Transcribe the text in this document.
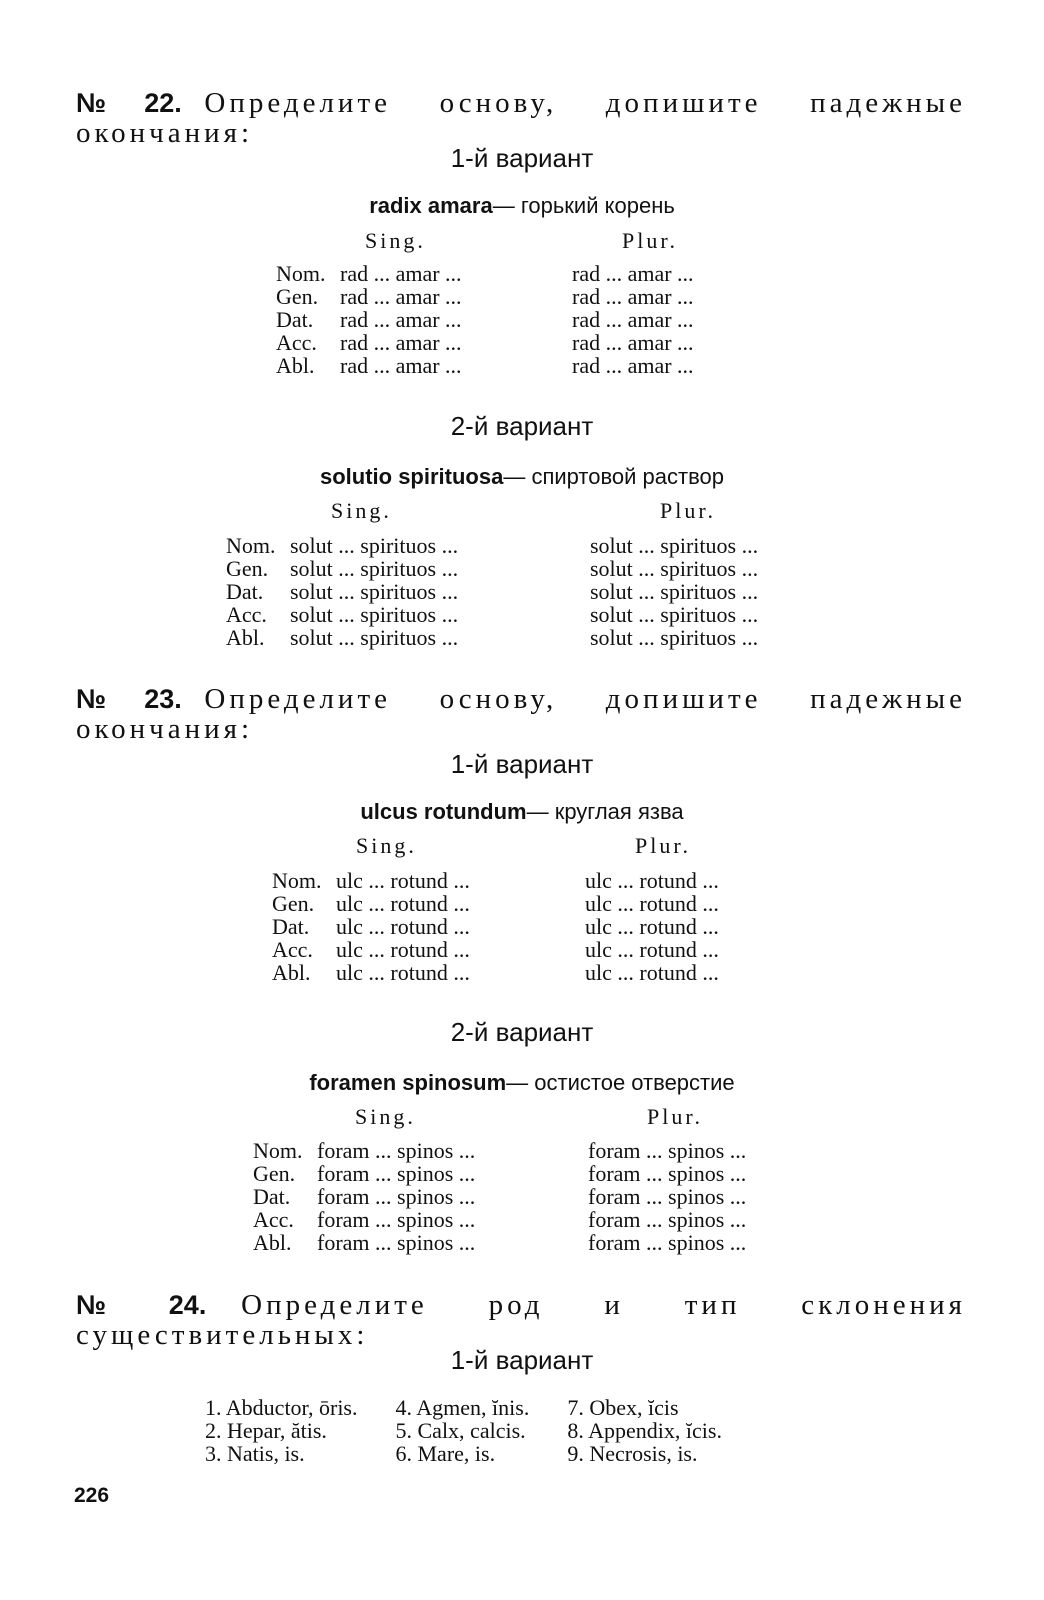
№ 22. Определите основу, допишите падежные окончания:
1-й вариант
radix amara— горький корень
Sing.	Plur.
Nom. rad ... amar ...	rad ... amar ...
Gen. rad ... amar ...	rad ... amar ...
Dat. rad ... amar ...	rad ... amar ...
Acc. rad ... amar ...	rad ... amar ...
Abl. rad ... amar ...	rad ... amar ...
2-й вариант
solutio spirituosa— спиртовой раствор
Sing.	Plur.
Nom. solut ... spirituos ...	solut ... spirituos ...
Gen. solut ... spirituos ...	solut ... spirituos ...
Dat. solut ... spirituos ...	solut ... spirituos ...
Acc. solut ... spirituos ...	solut ... spirituos ...
Abl. solut ... spirituos ...	solut ... spirituos ...
№ 23. Определите основу, допишите падежные окончания:
1-й вариант
ulcus rotundum— круглая язва
Sing.	Plur.
Nom. ulc ... rotund ...	ulc ... rotund ...
Gen. ulc ... rotund ...	ulc ... rotund ...
Dat. ulc ... rotund ...	ulc ... rotund ...
Acc. ulc ... rotund ...	ulc ... rotund ...
Abl. ulc ... rotund ...	ulc ... rotund ...
2-й вариант
foramen spinosum— остистое отверстие
Sing.	Plur.
Nom. foram ... spinos ...	foram ... spinos ...
Gen. foram ... spinos ...	foram ... spinos ...
Dat. foram ... spinos ...	foram ... spinos ...
Acc. foram ... spinos ...	foram ... spinos ...
Abl. foram ... spinos ...	foram ... spinos ...
№ 24. Определите род и тип склонения существительных:
1-й вариант
1. Abductor, ōris.
2. Hepar, ătis.
3. Natis, is.
4. Agmen, ĭnis.
5. Calx, calcis.
6. Mare, is.
7. Obex, ĭcis
8. Appendix, ĭcis.
9. Necrosis, is.
226
